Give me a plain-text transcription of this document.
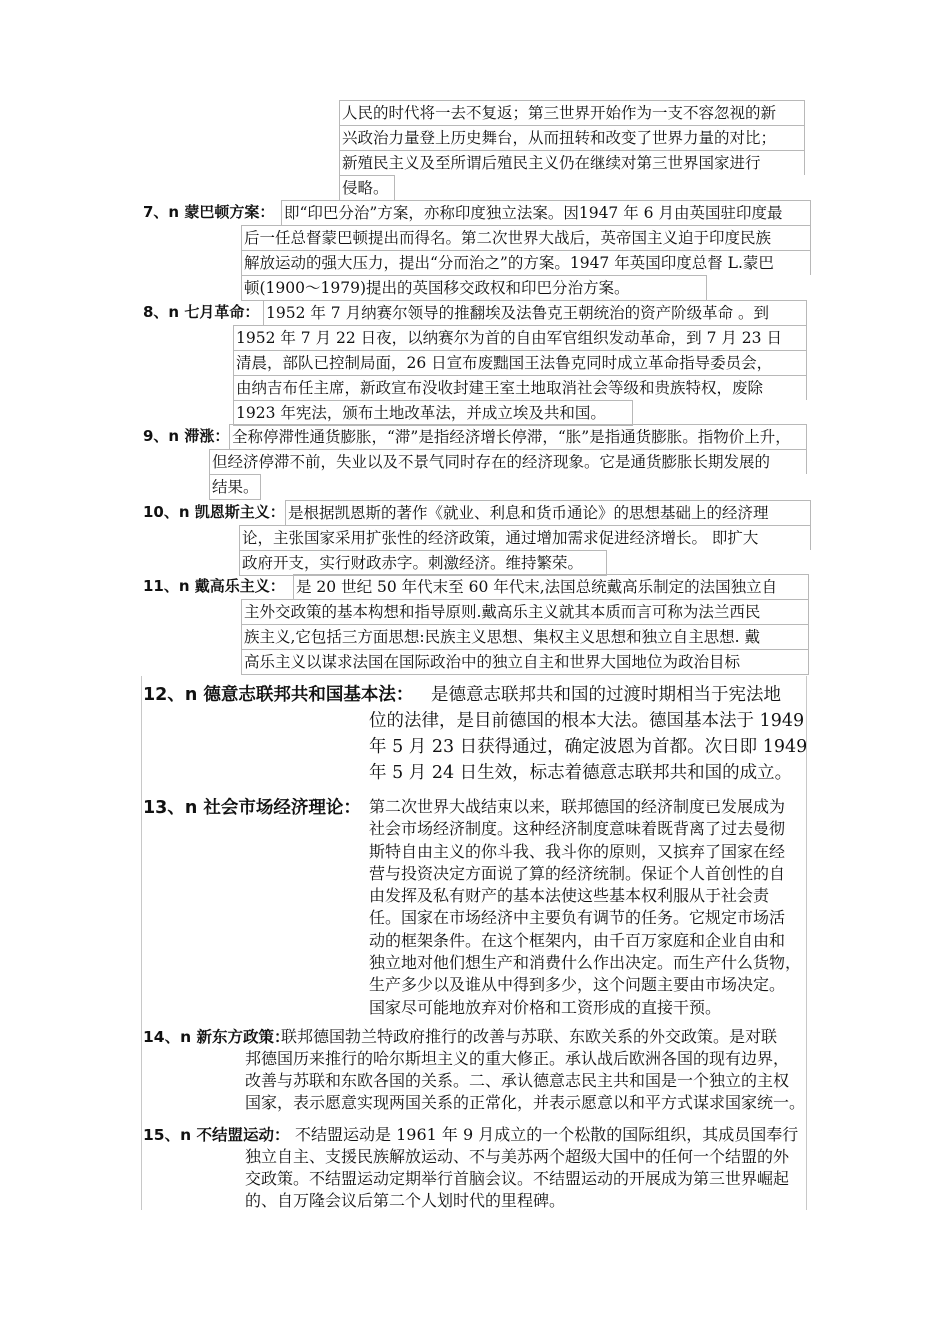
人民的时代将一去不复返；第三世界开始作为一支不容忽视的新
兴政治力量登上历史舞台，从而扭转和改变了世界力量的对比；
新殖民主义及至所谓后殖民主义仍在继续对第三世界国家进行
侵略。
7、n 蒙巴顿方案： 即“印巴分治”方案，亦称印度独立法案。因1947 年 6 月由英国驻印度最
后一任总督蒙巴顿提出而得名。第二次世界大战后，英帝国主义迫于印度民族
解放运动的强大压力，提出“分而治之”的方案。1947 年英国印度总督 L.蒙巴
顿(1900～1979)提出的英国移交政权和印巴分治方案。
8、n 七月革命： 1952 年 7 月纳赛尔领导的推翻埃及法鲁克王朝统治的资产阶级革命 。到
1952 年 7 月 22 日夜，以纳赛尔为首的自由军官组织发动革命，到 7 月 23 日
清晨，部队已控制局面，26 日宣布废黜国王法鲁克同时成立革命指导委员会，
由纳吉布任主席，新政宣布没收封建王室土地取消社会等级和贵族特权，废除
1923 年宪法，颁布土地改革法，并成立埃及共和国。
9、n 滞涨： 全称停滞性通货膨胀，“滞”是指经济增长停滞，“胀”是指通货膨胀。指物价上升，
但经济停滞不前，失业以及不景气同时存在的经济现象。它是通货膨胀长期发展的
结果。
10、n 凯恩斯主义： 是根据凯恩斯的著作《就业、利息和货币通论》的思想基础上的经济理
论，主张国家采用扩张性的经济政策，通过增加需求促进经济增长。 即扩大
政府开支，实行财政赤字。刺激经济。维持繁荣。
11、n 戴高乐主义： 是 20 世纪 50 年代末至 60 年代末,法国总统戴高乐制定的法国独立自
主外交政策的基本构想和指导原则.戴高乐主义就其本质而言可称为法兰西民
族主义,它包括三方面思想:民族主义思想、集权主义思想和独立自主思想. 戴
高乐主义以谋求法国在国际政治中的独立自主和世界大国地位为政治目标
12、n 德意志联邦共和国基本法： 是德意志联邦共和国的过渡时期相当于宪法地
位的法律，是目前德国的根本大法。德国基本法于 1949
年 5 月 23 日获得通过，确定波恩为首都。次日即 1949
年 5 月 24 日生效，标志着德意志联邦共和国的成立。
13、n 社会市场经济理论： 第二次世界大战结束以来，联邦德国的经济制度已发展成为
社会市场经济制度。这种经济制度意味着既背离了过去曼彻
斯特自由主义的你斗我、我斗你的原则，又摈弃了国家在经
营与投资决定方面说了算的经济统制。保证个人首创性的自
由发挥及私有财产的基本法使这些基本权利服从于社会责
任。国家在市场经济中主要负有调节的任务。它规定市场活
动的框架条件。在这个框架内，由千百万家庭和企业自由和
独立地对他们想生产和消费什么作出决定。而生产什么货物，
生产多少以及谁从中得到多少，这个问题主要由市场决定。
国家尽可能地放弃对价格和工资形成的直接干预。
14、n 新东方政策：
联邦德国勃兰特政府推行的改善与苏联、东欧关系的外交政策。是对联
邦德国历来推行的哈尔斯坦主义的重大修正。承认战后欧洲各国的现有边界，
改善与苏联和东欧各国的关系。二、承认德意志民主共和国是一个独立的主权
国家，表示愿意实现两国关系的正常化，并表示愿意以和平方式谋求国家统一。
15、n 不结盟运动： 不结盟运动是 1961 年 9 月成立的一个松散的国际组织，其成员国奉行
独立自主、支援民族解放运动、不与美苏两个超级大国中的任何一个结盟的外
交政策。不结盟运动定期举行首脑会议。不结盟运动的开展成为第三世界崛起
的、自万隆会议后第二个人划时代的里程碑。
